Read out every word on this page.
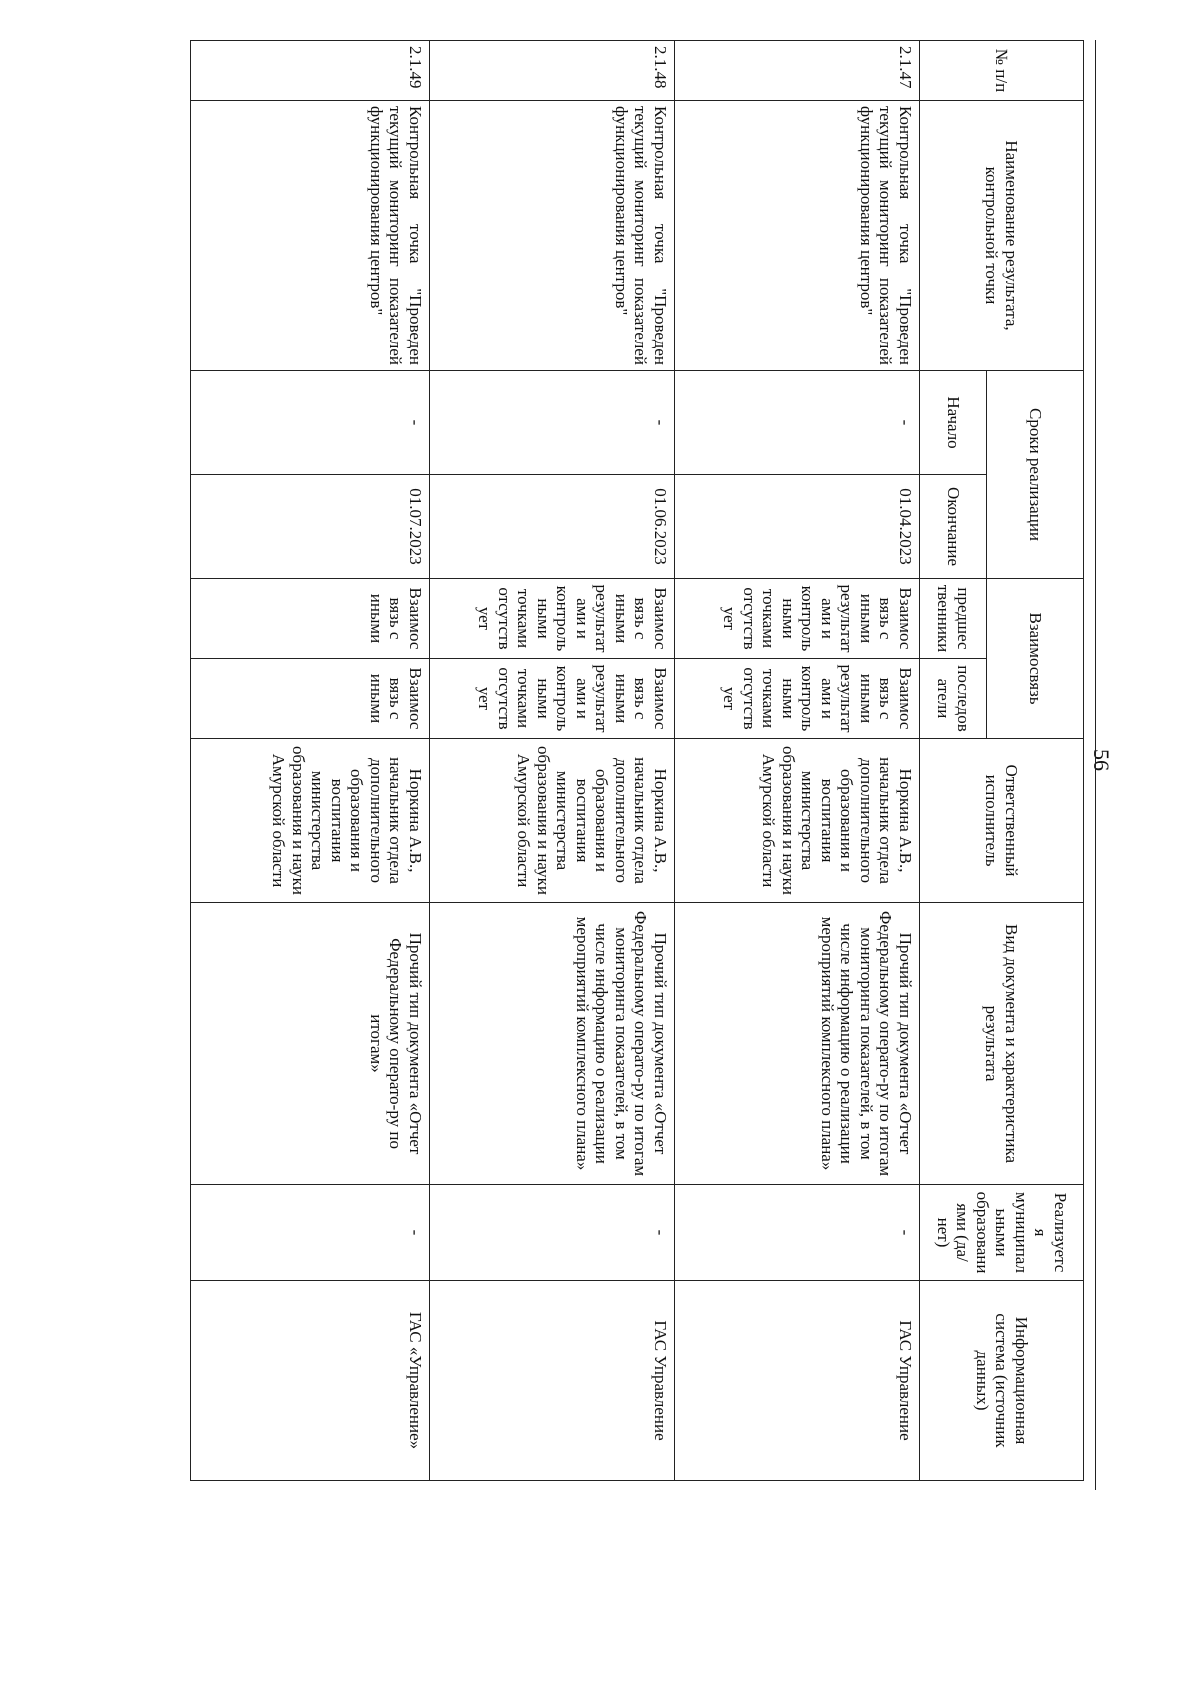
56
№ п/п	Наименование результата, контрольной точки	Сроки реализации		Взаимосвязь		Ответственный исполнитель	Вид документа и характеристика результата	Реализуется муниципальными образованиями (да/нет)	Информационная система (источник данных)
		Начало	Окончание	предшественники	последователи				
2.1.47	Контрольная точка "Проведен текущий мониторинг показателей функционирования центров"	-	01.04.2023	Взаимосвязь с иными результатами и контрольными точками отсутствует	Взаимосвязь с иными результатами и контрольными точками отсутствует	Норкина А.В., начальник отдела дополнительного образования и воспитания министерства образования и науки Амурской области	Прочий тип документа «Отчет Федеральному операто-ру по итогам мониторинга показателей, в том числе информацию о реализации мероприятий комплексного плана»	-	ГАС Управление
2.1.48	Контрольная точка "Проведен текущий мониторинг показателей функционирования центров"	-	01.06.2023	Взаимосвязь с иными результатами и контрольными точками отсутствует	Взаимосвязь с иными результатами и контрольными точками отсутствует	Норкина А.В., начальник отдела дополнительного образования и воспитания министерства образования и науки Амурской области	Прочий тип документа «Отчет Федеральному операто-ру по итогам мониторинга показателей, в том числе информацию о реализации мероприятий комплексного плана»	-	ГАС Управление
2.1.49	Контрольная точка "Проведен текущий мониторинг показателей функционирования центров"	-	01.07.2023	Взаимосвязь с иными	Взаимосвязь с иными	Норкина А.В., начальник отдела дополнительного образования и воспитания министерства образования и науки Амурской области	Прочий тип документа «Отчет Федеральному операто-ру по итогам»	-	ГАС «Управление»
